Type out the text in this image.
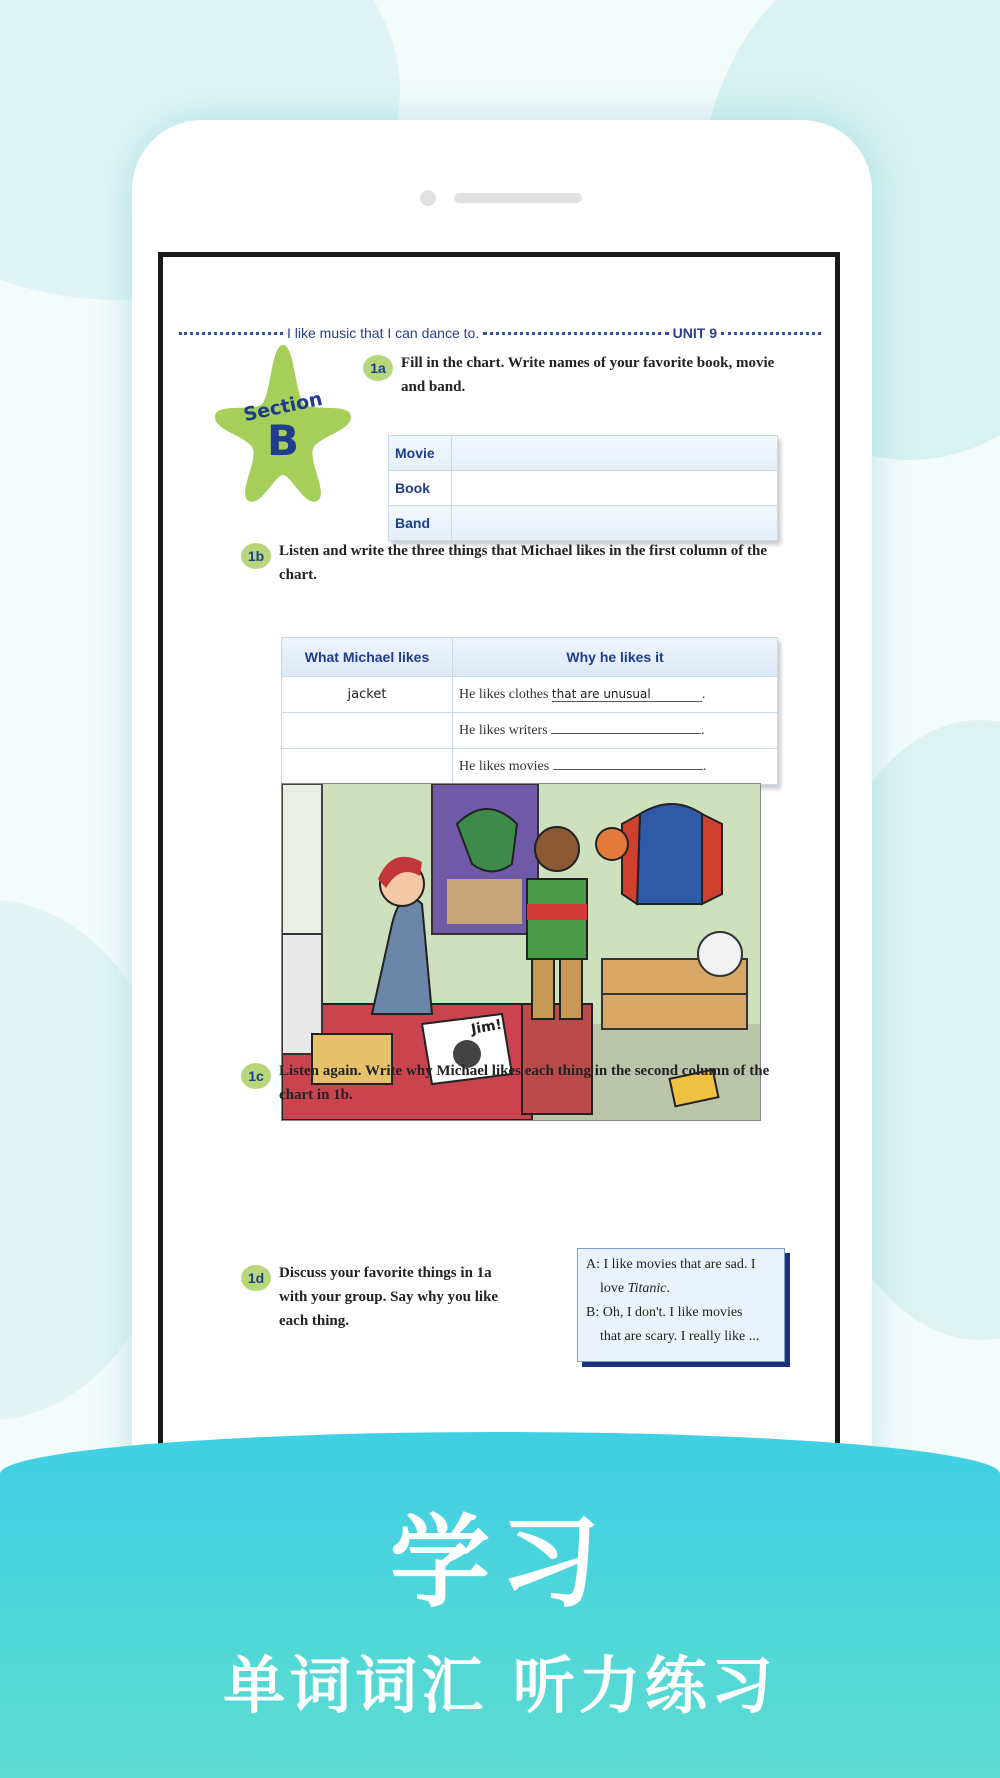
I like music that I can dance to.	UNIT 9
Section
B
1a	Fill in the chart. Write names of your favorite book, movie and band.
Movie	
Book	
Band	
1b Listen and write the three things that Michael likes in the first column of the chart.
What Michael likes	Why he likes it
jacket	He likes clothes that are unusual .
	He likes writers .
	He likes movies .
Jim!
1c	Listen again. Write why Michael likes each thing in the second column of the chart in 1b.
1d Discuss your favorite things in 1a with your group. Say why you like each thing.

A: I like movies that are sad. I

love Titanic.

B: Oh, I don't. I like movies

that are scary. I really like ...

学习
单词词汇 听力练习
